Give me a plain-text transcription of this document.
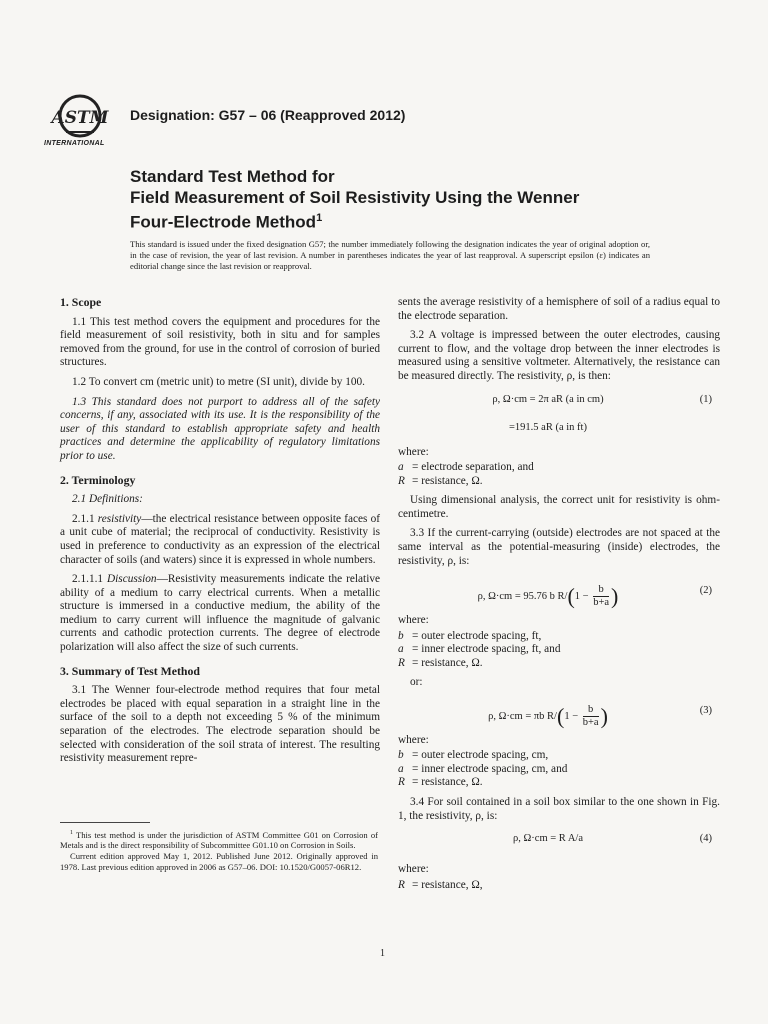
ASTM
INTERNATIONAL
Designation: G57 – 06 (Reapproved 2012)
Standard Test Method for
Field Measurement of Soil Resistivity Using the Wenner
Four-Electrode Method$^1$
This standard is issued under the fixed designation G57; the number immediately following the designation indicates the year of original adoption or, in the case of revision, the year of last revision. A number in parentheses indicates the year of last reapproval. A superscript epsilon (ε) indicates an editorial change since the last revision or reapproval.
1. Scope

1.1 This test method covers the equipment and procedures for the field measurement of soil resistivity, both in situ and for samples removed from the ground, for use in the control of corrosion of buried structures.

1.2 To convert cm (metric unit) to metre (SI unit), divide by 100.

1.3 This standard does not purport to address all of the safety concerns, if any, associated with its use. It is the responsibility of the user of this standard to establish appropriate safety and health practices and determine the applicability of regulatory limitations prior to use.

2. Terminology

2.1 Definitions:

2.1.1 resistivity—the electrical resistance between opposite faces of a unit cube of material; the reciprocal of conductivity. Resistivity is used in preference to conductivity as an expression of the electrical character of soils (and waters) since it is expressed in whole numbers.

2.1.1.1 Discussion—Resistivity measurements indicate the relative ability of a medium to carry electrical currents. When a metallic structure is immersed in a conductive medium, the ability of the medium to carry current will influence the magnitude of galvanic currents and cathodic protection currents. The degree of electrode polarization will also affect the size of such currents.

3. Summary of Test Method

3.1 The Wenner four-electrode method requires that four metal electrodes be placed with equal separation in a straight line in the surface of the soil to a depth not exceeding 5 % of the minimum separation of the electrodes. The electrode separation should be selected with consideration of the soil strata of interest. The resulting resistivity measurement repre-

sents the average resistivity of a hemisphere of soil of a radius equal to the electrode separation.

3.2 A voltage is impressed between the outer electrodes, causing current to flow, and the voltage drop between the inner electrodes is measured using a sensitive voltmeter. Alternatively, the resistance can be measured directly. The resistivity, ρ, is then:

ρ, Ω·cm = 2π aR (a in cm)	(1)
=191.5 aR (a in ft)
where:
a = electrode separation, and
R = resistance, Ω.

Using dimensional analysis, the correct unit for resistivity is ohm-centimetre.

3.3 If the current-carrying (outside) electrodes are not spaced at the same interval as the potential-measuring (inside) electrodes, the resistivity, ρ, is:

ρ, Ω·cm = 95.76 b $R/(1 - \frac{b}{b+a}$ )	(2)
where:
b = outer electrode spacing, ft,
a = inner electrode spacing, ft, and
R = resistance, Ω.
or:
ρ, Ω·cm = πb $R/(1 - \frac{b}{b+a}$ )	(3)
where:
b = outer electrode spacing, cm,
a = inner electrode spacing, cm, and
R = resistance, Ω.

3.4 For soil contained in a soil box similar to the one shown in Fig. 1, the resistivity, ρ, is:

ρ, Ω·cm = R A/a	(4)
where:
R = resistance, Ω,

$^1$ This test method is under the jurisdiction of ASTM Committee G01 on Corrosion of Metals and is the direct responsibility of Subcommittee G01.10 on Corrosion in Soils.

Current edition approved May 1, 2012. Published June 2012. Originally approved in 1978. Last previous edition approved in 2006 as G57–06. DOI: 10.1520/G0057-06R12.

1
